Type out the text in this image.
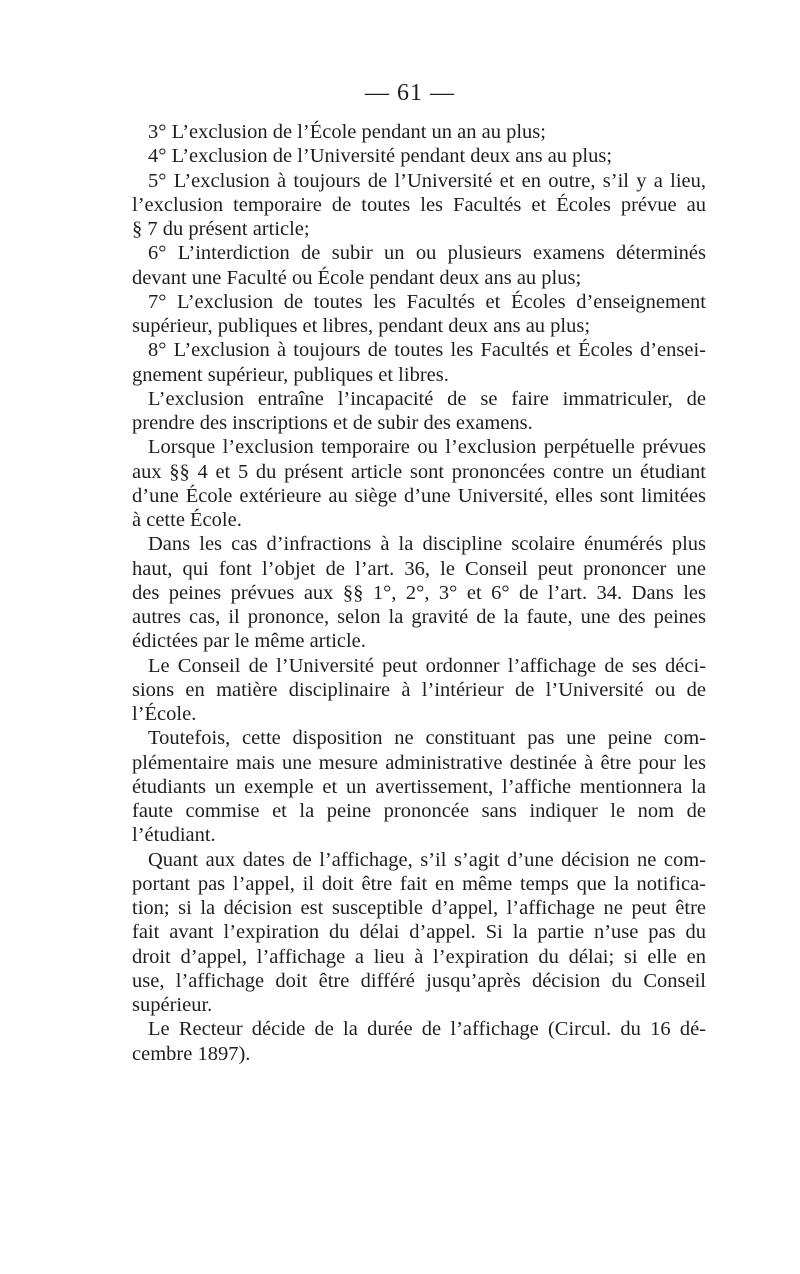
— 61 —
3° L’exclusion de l’École pendant un an au plus;
4° L’exclusion de l’Université pendant deux ans au plus;
5° L’exclusion à toujours de l’Université et en outre, s’il y a lieu,
l’exclusion temporaire de toutes les Facultés et Écoles prévue au
§ 7 du présent article;
6° L’interdiction de subir un ou plusieurs examens déterminés
devant une Faculté ou École pendant deux ans au plus;
7° L’exclusion de toutes les Facultés et Écoles d’enseignement
supérieur, publiques et libres, pendant deux ans au plus;
8° L’exclusion à toujours de toutes les Facultés et Écoles d’ensei-
gnement supérieur, publiques et libres.
L’exclusion entraîne l’incapacité de se faire immatriculer, de
prendre des inscriptions et de subir des examens.
Lorsque l’exclusion temporaire ou l’exclusion perpétuelle prévues
aux §§ 4 et 5 du présent article sont prononcées contre un étudiant
d’une École extérieure au siège d’une Université, elles sont limitées
à cette École.
Dans les cas d’infractions à la discipline scolaire énumérés plus
haut, qui font l’objet de l’art. 36, le Conseil peut prononcer une
des peines prévues aux §§ 1°, 2°, 3° et 6° de l’art. 34. Dans les
autres cas, il prononce, selon la gravité de la faute, une des peines
édictées par le même article.
Le Conseil de l’Université peut ordonner l’affichage de ses déci-
sions en matière disciplinaire à l’intérieur de l’Université ou de
l’École.
Toutefois, cette disposition ne constituant pas une peine com-
plémentaire mais une mesure administrative destinée à être pour les
étudiants un exemple et un avertissement, l’affiche mentionnera la
faute commise et la peine prononcée sans indiquer le nom de
l’étudiant.
Quant aux dates de l’affichage, s’il s’agit d’une décision ne com-
portant pas l’appel, il doit être fait en même temps que la notifica-
tion; si la décision est susceptible d’appel, l’affichage ne peut être
fait avant l’expiration du délai d’appel. Si la partie n’use pas du
droit d’appel, l’affichage a lieu à l’expiration du délai; si elle en
use, l’affichage doit être différé jusqu’après décision du Conseil
supérieur.
Le Recteur décide de la durée de l’affichage (Circul. du 16 dé-
cembre 1897).
